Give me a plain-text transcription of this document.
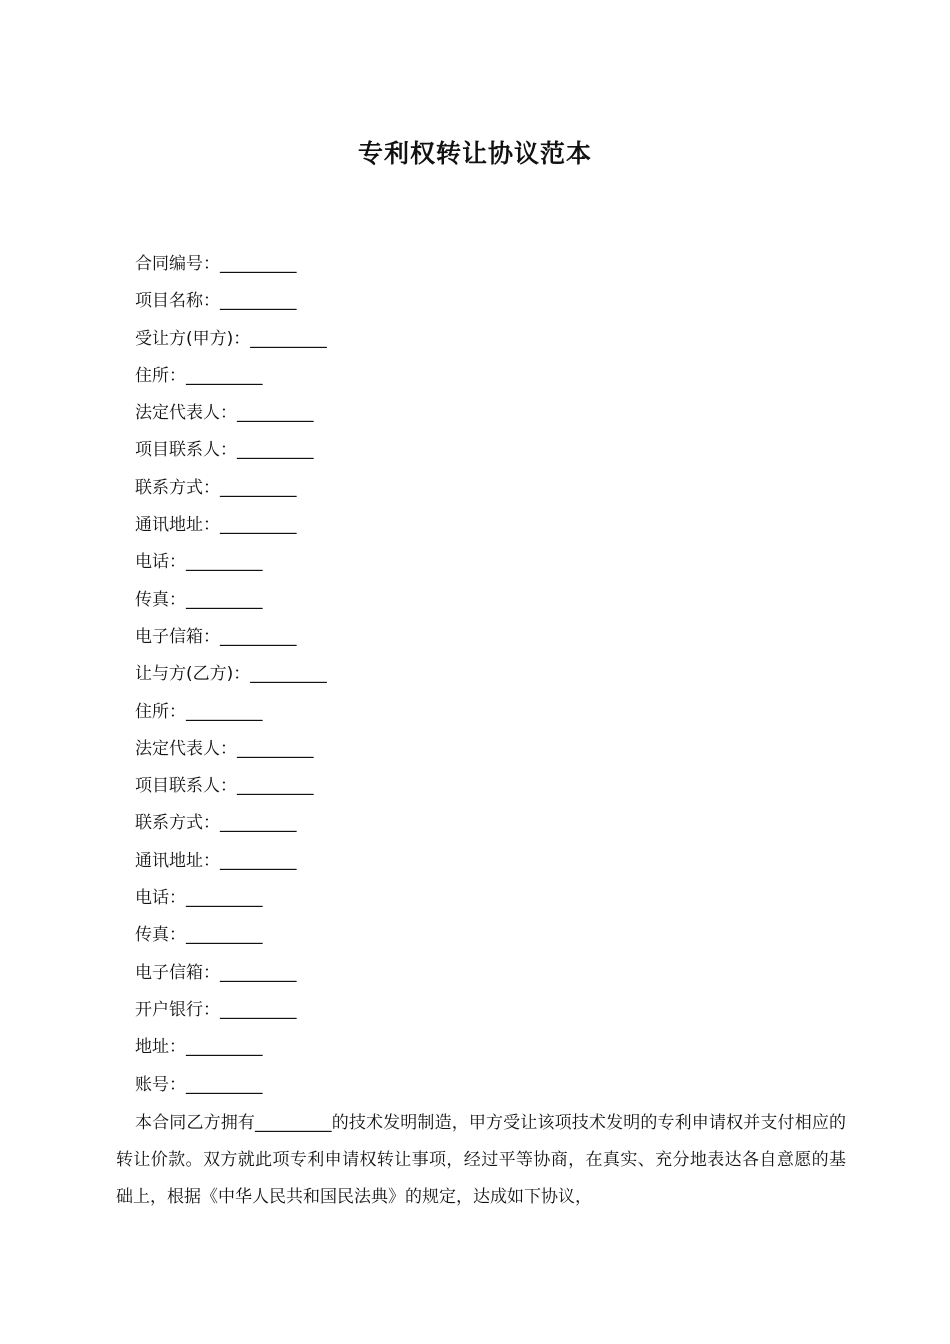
专利权转让协议范本
合同编号：_________
项目名称：_________
受让方(甲方)：_________
住所：_________
法定代表人：_________
项目联系人：_________
联系方式：_________
通讯地址：_________
电话：_________
传真：_________
电子信箱：_________
让与方(乙方)：_________
住所：_________
法定代表人：_________
项目联系人：_________
联系方式：_________
通讯地址：_________
电话：_________
传真：_________
电子信箱：_________
开户银行：_________
地址：_________
账号：_________
本合同乙方拥有_________的技术发明制造，甲方受让该项技术发明的专利申请权并支付相应的转让价款。双方就此项专利申请权转让事项，经过平等协商，在真实、充分地表达各自意愿的基础上，根据《中华人民共和国民法典》的规定，达成如下协议，
